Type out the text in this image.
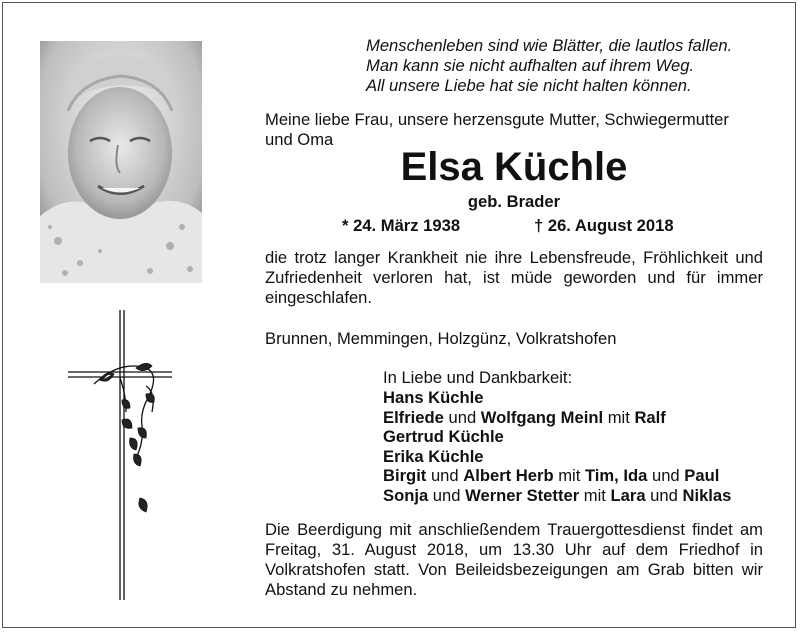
Menschenleben sind wie Blätter, die lautlos fallen.
Man kann sie nicht aufhalten auf ihrem Weg.
All unsere Liebe hat sie nicht halten können.
Meine liebe Frau, unsere herzensgute Mutter, Schwiegermutter
und Oma
Elsa Küchle
geb. Brader
* 24. März 1938	† 26. August 2018
die trotz langer Krankheit nie ihre Lebensfreude, Fröhlichkeit und Zufriedenheit verloren hat, ist müde geworden und für immer eingeschlafen.
Brunnen, Memmingen, Holzgünz, Volkratshofen
In Liebe und Dankbarkeit:
Hans Küchle
Elfriede und Wolfgang Meinl mit Ralf
Gertrud Küchle
Erika Küchle
Birgit und Albert Herb mit Tim, Ida und Paul
Sonja und Werner Stetter mit Lara und Niklas
Die Beerdigung mit anschließendem Trauergottesdienst findet am Freitag, 31. August 2018, um 13.30 Uhr auf dem Friedhof in Volkratshofen statt. Von Beileidsbezeigungen am Grab bitten wir Abstand zu nehmen.
